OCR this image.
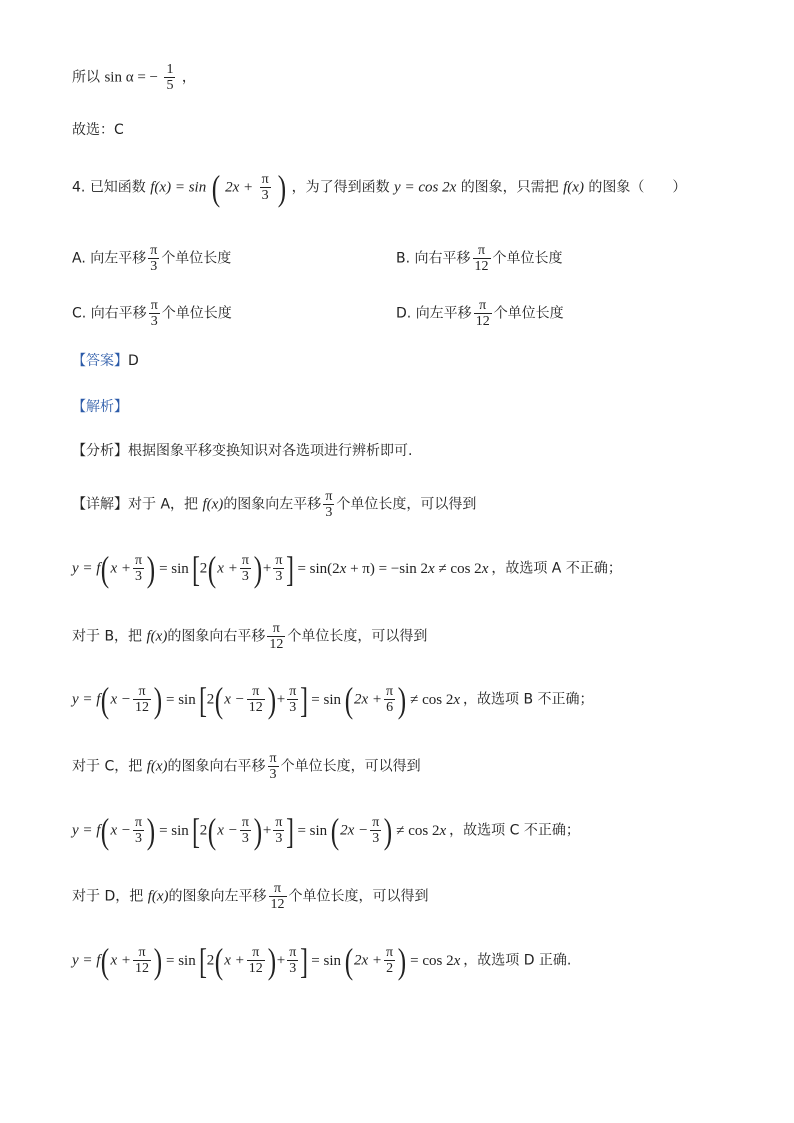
所以 sin α = − $\frac{1}{5}$ ，
故选：C
4. 已知函数 f(x) = sin ( $2x + \frac{\pi}{3}$ ) ，为了得到函数 y = cos 2x 的图象，只需把 f(x) 的图象（　　）
A. 向左平移 $\frac{\pi}{3}$ 个单位长度	B. 向右平移 $\frac{\pi}{12}$ 个单位长度
C. 向右平移 $\frac{\pi}{3}$ 个单位长度	D. 向左平移 $\frac{\pi}{12}$ 个单位长度
【答案】D
【解析】
【分析】根据图象平移变换知识对各选项进行辨析即可.
【详解】对于 A，把 f(x)的图象向左平移 $\frac{\pi}{3}$ 个单位长度，可以得到
$y = f(x + \frac{\pi}{3}$ ) = $\sin[2(x + \frac{\pi}{3}$ )+ $\frac{\pi}{3}$ ] = sin(2x + π) = −sin 2x ≠ cos 2x ，故选项 A 不正确；
对于 B，把 f(x)的图象向右平移 $\frac{\pi}{12}$ 个单位长度，可以得到
$y = f(x - \frac{\pi}{12}$ ) = $\sin[2(x - \frac{\pi}{12}$ )+ $\frac{\pi}{3}$ ] = $\sin (2x + \frac{\pi}{6}$ ) ≠ cos 2x ，故选项 B 不正确；
对于 C，把 f(x)的图象向右平移 $\frac{\pi}{3}$ 个单位长度，可以得到
$y = f(x - \frac{\pi}{3}$ ) = $\sin[2(x - \frac{\pi}{3}$ )+ $\frac{\pi}{3}$ ] = $\sin (2x - \frac{\pi}{3}$ ) ≠ cos 2x ，故选项 C 不正确；
对于 D，把 f(x)的图象向左平移 $\frac{\pi}{12}$ 个单位长度，可以得到
$y = f(x + \frac{\pi}{12}$ ) = $\sin[2(x + \frac{\pi}{12}$ )+ $\frac{\pi}{3}$ ] = $\sin (2x + \frac{\pi}{2}$ ) = cos 2x ，故选项 D 正确.
